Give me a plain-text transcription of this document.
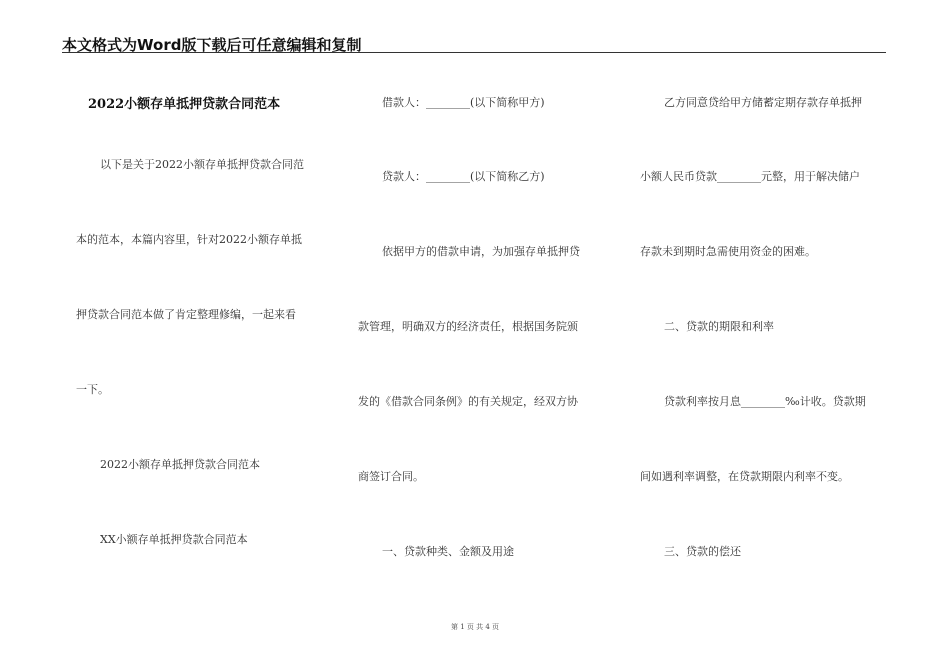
本文格式为Word版下载后可任意编辑和复制
2022小额存单抵押贷款合同范本
以下是关于2022小额存单抵押贷款合同范
本的范本，本篇内容里，针对2022小额存单抵
押贷款合同范本做了肯定整理修编，一起来看
一下。
2022小额存单抵押贷款合同范本
XX小额存单抵押贷款合同范本
借款人：________(以下简称甲方)
贷款人：________(以下简称乙方)
依据甲方的借款申请，为加强存单抵押贷
款管理，明确双方的经济责任，根据国务院颁
发的《借款合同条例》的有关规定，经双方协
商签订合同。
一、贷款种类、金额及用途
乙方同意贷给甲方储蓄定期存款存单抵押
小额人民币贷款________元整，用于解决储户
存款未到期时急需使用资金的困难。
二、贷款的期限和利率
贷款利率按月息________‰计收。贷款期
间如遇利率调整，在贷款期限内利率不变。
三、贷款的偿还
第 1 页 共 4 页
